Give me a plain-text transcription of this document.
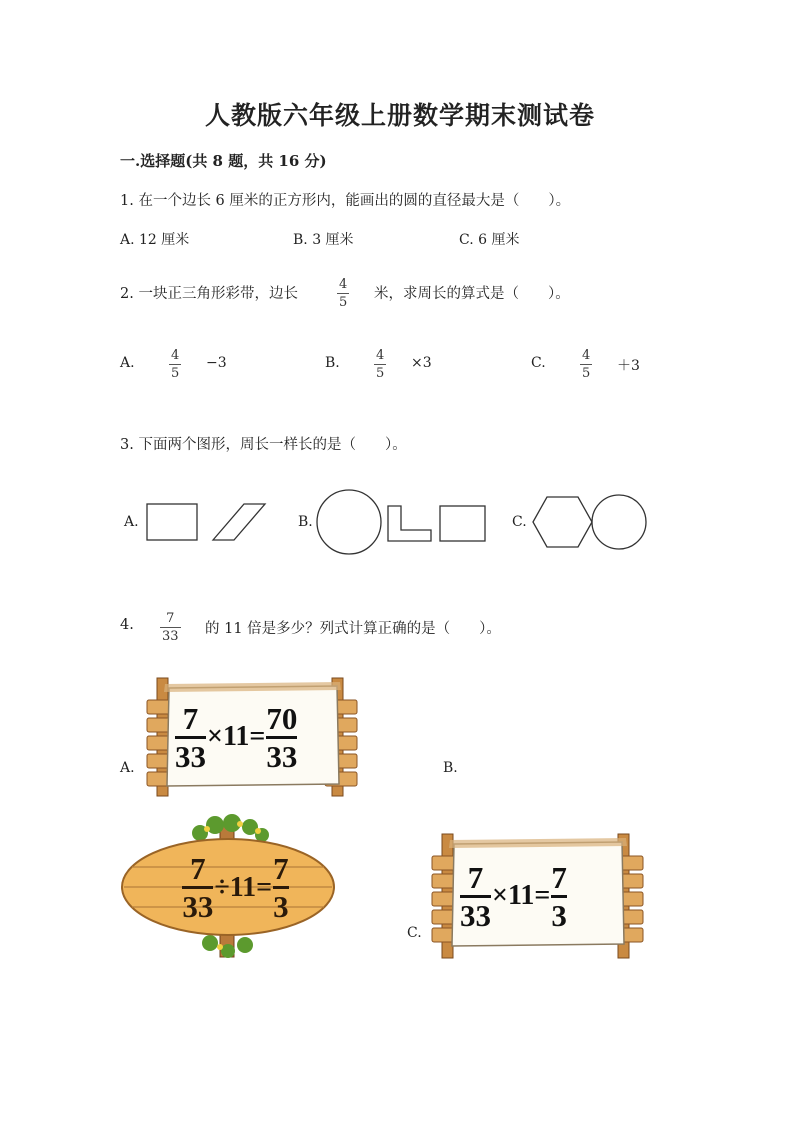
人教版六年级上册数学期末测试卷
一.选择题(共 8 题，共 16 分)
1. 在一个边长 6 厘米的正方形内，能画出的圆的直径最大是（　　）。
A. 12 厘米	B. 3 厘米	C. 6 厘米
2. 一块正三角形彩带，边长
4
5
米，求周长的算式是（　　）。
A.	4
5
−3	B.	4
5
×3	C.	4
5 ＋3
3. 下面两个图形，周长一样长的是（　　）。
A.	B.	C.
4. 7
33 的 11 倍是多少？列式计算正确的是（　　）。
A.	B.
C.
7
33
×11=
70
33
7
33
÷11=
7
3
7
33
×11=
7
3
